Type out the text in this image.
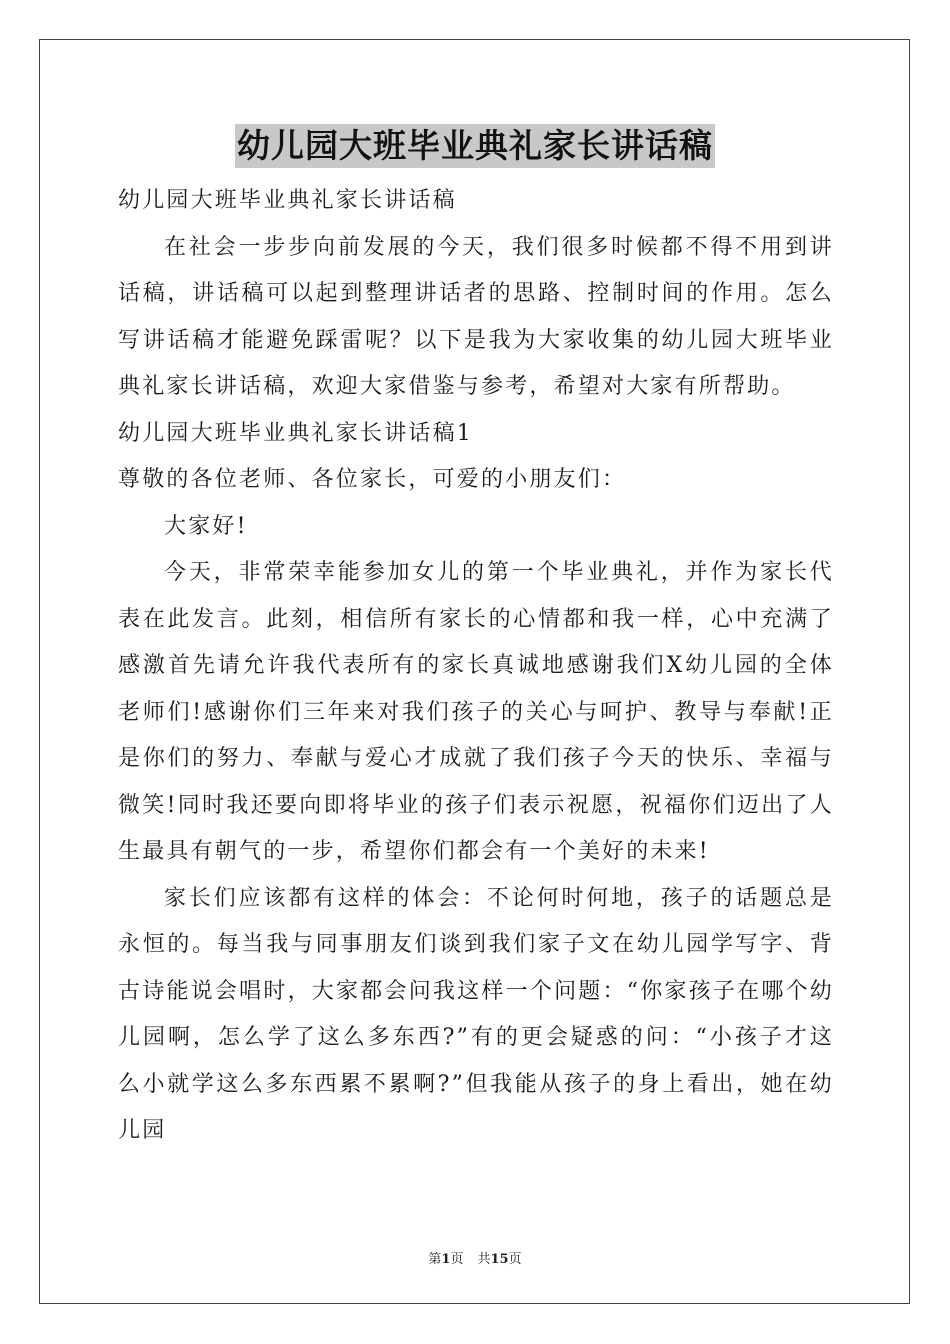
幼儿园大班毕业典礼家长讲话稿

幼儿园大班毕业典礼家长讲话稿

在社会一步步向前发展的今天，我们很多时候都不得不用到讲话稿，讲话稿可以起到整理讲话者的思路、控制时间的作用。怎么写讲话稿才能避免踩雷呢？以下是我为大家收集的幼儿园大班毕业典礼家长讲话稿，欢迎大家借鉴与参考，希望对大家有所帮助。

幼儿园大班毕业典礼家长讲话稿1

尊敬的各位老师、各位家长，可爱的小朋友们：

大家好!

今天，非常荣幸能参加女儿的第一个毕业典礼，并作为家长代表在此发言。此刻，相信所有家长的心情都和我一样，心中充满了感激首先请允许我代表所有的家长真诚地感谢我们X幼儿园的全体老师们!感谢你们三年来对我们孩子的关心与呵护、教导与奉献!正是你们的努力、奉献与爱心才成就了我们孩子今天的快乐、幸福与微笑!同时我还要向即将毕业的孩子们表示祝愿，祝福你们迈出了人生最具有朝气的一步，希望你们都会有一个美好的未来!

家长们应该都有这样的体会：不论何时何地，孩子的话题总是永恒的。每当我与同事朋友们谈到我们家子文在幼儿园学写字、背古诗能说会唱时，大家都会问我这样一个问题：“你家孩子在哪个幼儿园啊，怎么学了这么多东西?”有的更会疑惑的问：“小孩子才这么小就学这么多东西累不累啊?”但我能从孩子的身上看出，她在幼儿园

第1页 共15页
